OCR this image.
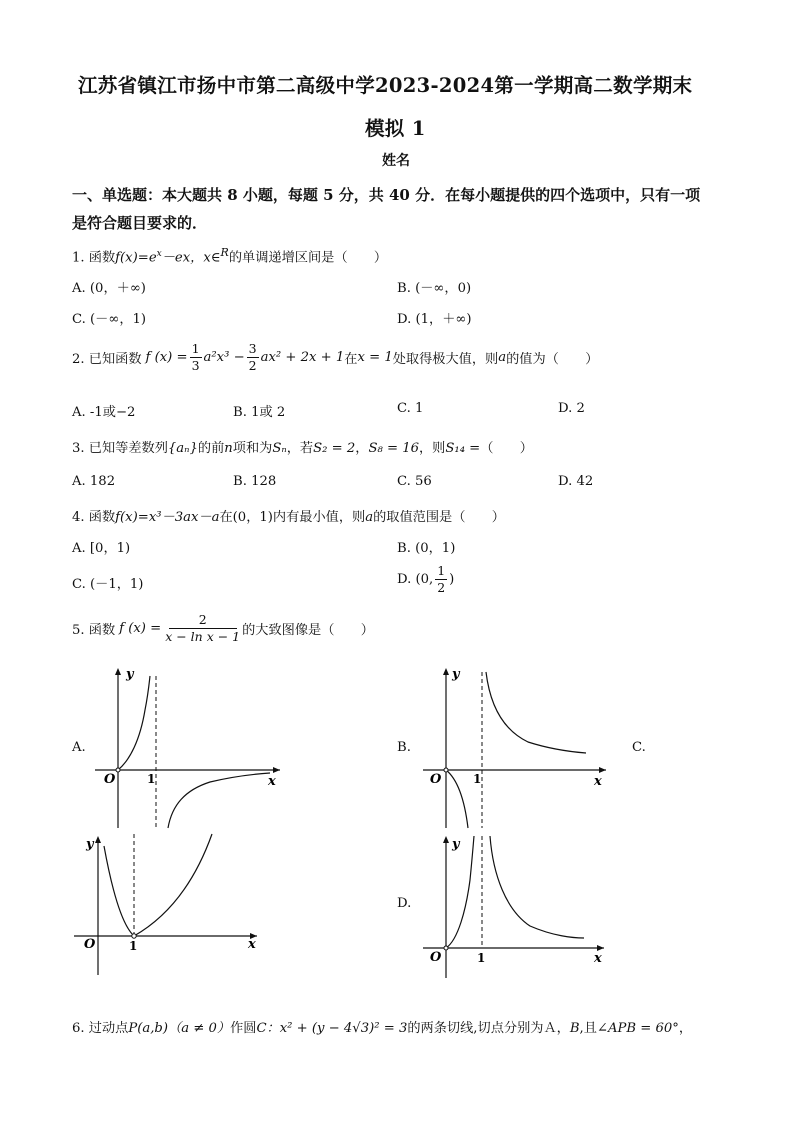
江苏省镇江市扬中市第二高级中学2023-2024第一学期高二数学期末
模拟 1
姓名
一、单选题：本大题共 8 小题，每题 5 分，共 40 分．在每小题提供的四个选项中，只有一项
是符合题目要求的．
1. 函数$f(x)=e^x-ex$，x∈$^R$的单调递增区间是（　　）
A. (0，＋∞)	B. (－∞，0)
C. (－∞，1)	D. (1，＋∞)
2. 已知函数 f $(x) = \frac{1}{3} a^2x^3 - \frac{3}{2} ax^2 + 2x + 1$ 在 x = 1 处取得极大值，则 a 的值为（　　）
A. -1或−2	B. 1或 2	C. 1	D. 2
3. 已知等差数列{aₙ}的前n项和为Sₙ，若S₂ = 2，S₈ = 16，则S₁₄ =（　　）
A. 182	B. 128	C. 56	D. 42
4. 函数f(x)=x³－3ax－a在(0，1)内有最小值，则a的取值范围是（　　）
A. [0，1)	B. (0，1)
C. (－1，1)	D. (0, $\frac{1}{2}$ )
5. 函数 f $(x) = \frac{2}{\text{x − ln x − 1}}$ 的大致图像是（　　）
A.	B.	C.
D.
y
O	1	x
y
O	1	x
y
O	1	x
y
O	1	x
6. 过动点P(a,b)（a ≠ 0）作圆C：x² + (y − 4√3)² = 3的两条切线,切点分别为Ａ，B,且∠APB = 60°，
